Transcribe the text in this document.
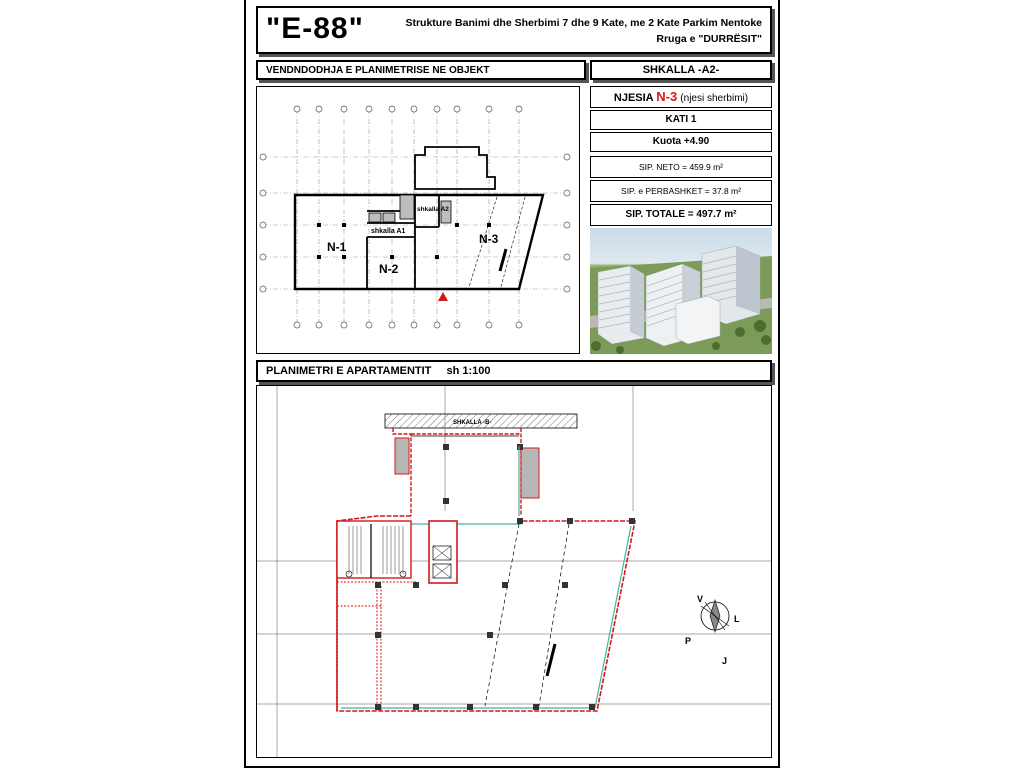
"E-88"	Strukture Banimi dhe Sherbimi 7 dhe 9 Kate, me 2 Kate Parkim Nentoke
Rruga e "DURRËSIT"
VENDNDODHJA E PLANIMETRISE NE OBJEKT	SHKALLA -A2-
N-1
N-2
N-3
shkalla A1
shkalla A2
NJESIA N-3 (njesi sherbimi)
KATI 1
Kuota +4.90
SIP. NETO = 459.9 m²
SIP. e PERBASHKET = 37.8 m²
SIP. TOTALE = 497.7 m²
PLANIMETRI E APARTAMENTIT sh 1:100
SHKALLA -B-
V
L
P
J
